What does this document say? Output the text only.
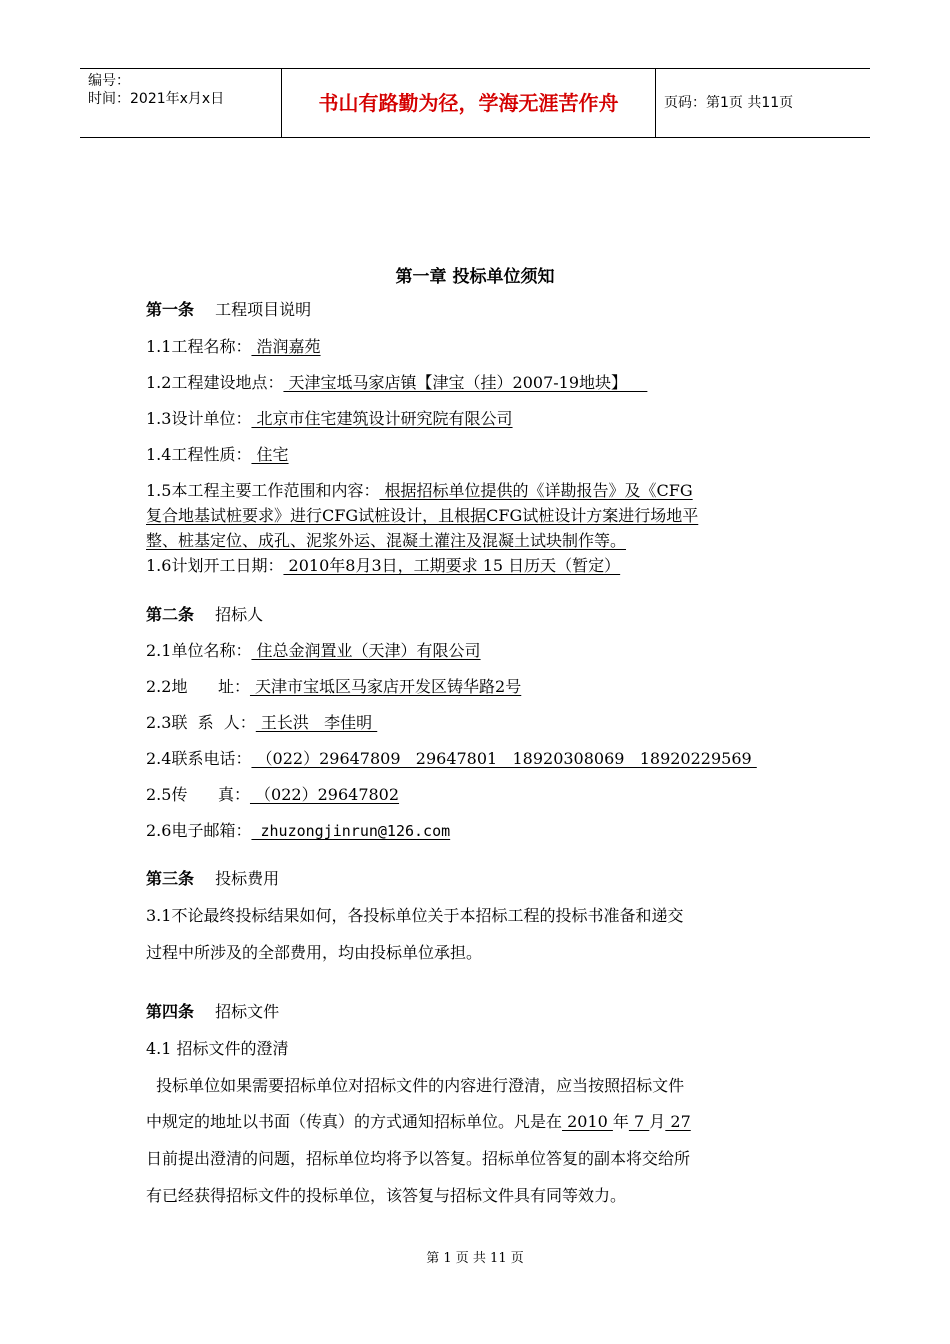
编号：
时间：2021年x月x日	书山有路勤为径，学海无涯苦作舟	页码：第1页 共11页
第一章 投标单位须知
第一条 工程项目说明
1.1工程名称： 浩润嘉苑
1.2工程建设地点： 天津宝坻马家店镇【津宝（挂）2007-19地块】
1.3设计单位： 北京市住宅建筑设计研究院有限公司
1.4工程性质： 住宅
1.5本工程主要工作范围和内容： 根据招标单位提供的《详勘报告》及《CFG
复合地基试桩要求》进行CFG试桩设计，且根据CFG试桩设计方案进行场地平
整、桩基定位、成孔、泥浆外运、混凝土灌注及混凝土试块制作等。
1.6计划开工日期： 2010年8月3日，工期要求 15 日历天（暂定）
第二条 招标人
2.1单位名称： 住总金润置业（天津）有限公司
2.2地      址： 天津市宝坻区马家店开发区铸华路2号
2.3联  系  人： 王长洪   李佳明
2.4联系电话： （022）29647809   29647801   18920308069   18920229569
2.5传      真： （022）29647802
2.6电子邮箱： zhuzongjinrun@126.com
第三条 投标费用
3.1不论最终投标结果如何，各投标单位关于本招标工程的投标书准备和递交
过程中所涉及的全部费用，均由投标单位承担。
第四条 招标文件
4.1 招标文件的澄清
投标单位如果需要招标单位对招标文件的内容进行澄清，应当按照招标文件
中规定的地址以书面（传真）的方式通知招标单位。凡是在 2010 年 7 月 27
日前提出澄清的问题，招标单位均将予以答复。招标单位答复的副本将交给所
有已经获得招标文件的投标单位，该答复与招标文件具有同等效力。
第 1 页 共 11 页
